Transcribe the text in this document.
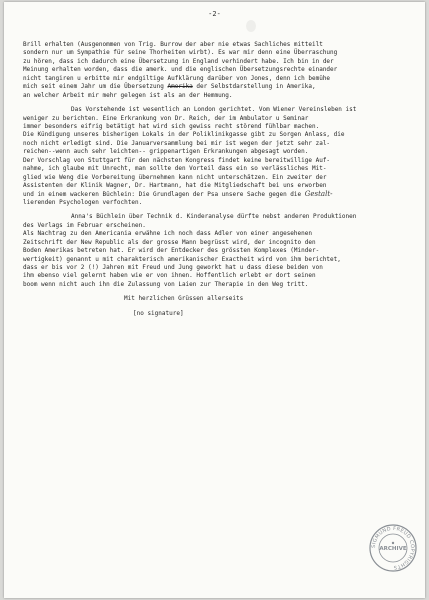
-2-
Brill erhalten (Ausgenommen von Trig. Burrow der aber nie etwas Sachliches mitteilt
sondern nur um Sympathie für seine Thorheiten wirbt). Es war mir denn eine Überraschung
zu hören, dass ich dadurch eine Übersetzung in England verhindert habe. Ich bin in der
Meinung erhalten worden, dass die amerk. und die englischen Übersetzungsrechte einander
nicht tangiren u erbitte mir endgiltige Aufklärung darüber von Jones, denn ich bemühe
mich seit einem Jahr um die Übersetzung Amerika der Selbstdarstellung in Amerika,
an welcher Arbeit mir mehr gelegen ist als an der Hemmung.
Das Vorstehende ist wesentlich an London gerichtet. Vom Wiener Vereinsleben ist
weniger zu berichten. Eine Erkrankung von Dr. Reich, der im Ambulator u Seminar
immer besonders eifrig betätigt hat wird sich gewiss recht störend fühlbar machen.
Die Kündigung unseres bisherigen Lokals in der Poliklinikgasse gibt zu Sorgen Anlass, die
noch nicht erledigt sind. Die Januarversammlung bei mir ist wegen der jetzt sehr zal-
reichen--wenn auch sehr leichten-- grippenartigen Erkrankungen abgesagt worden.
Der Vorschlag von Stuttgart für den nächsten Kongress findet keine bereitwillige Auf-
nahme, ich glaube mit Unrecht, man sollte den Vorteil dass ein so verlässliches Mit-
glied wie Weng die Vorbereitung übernehmen kann nicht unterschätzen. Ein zweiter der
Assistenten der Klinik Wagner, Dr. Hartmann, hat die Mitgliedschaft bei uns erworben
und in einem wackeren Büchlein: Die Grundlagen der Psa unsere Sache gegen die Gestalt-
lierenden Psychologen verfochten.
Anna's Büchlein über Technik d. Kinderanalyse dürfte nebst anderen Produktionen
des Verlags im Februar erscheinen.
Als Nachtrag zu den Americania erwähne ich noch dass Adler von einer angesehenen
Zeitschrift der New Republic als der grosse Mann begrüsst wird, der incognito den
Boden Amerikas betreten hat. Er wird der Entdecker des grössten Komplexes (Minder-
wertigkeit) genannt u mit charakterisch amerikanischer Exactheit wird von ihm berichtet,
dass er bis vor 2 (!) Jahren mit Freud und Jung geworkt hat u dass diese beiden von
ihm ebenso viel gelernt haben wie er von ihnen. Hoffentlich erlebt er dort seinen
boom wenn nicht auch ihn die Zulassung von Laien zur Therapie in den Weg tritt.
Mit herzlichen Grüssen allerseits
[no signature]
SIGMUND FREUD COPYRIGHTS
ARCHIVE
